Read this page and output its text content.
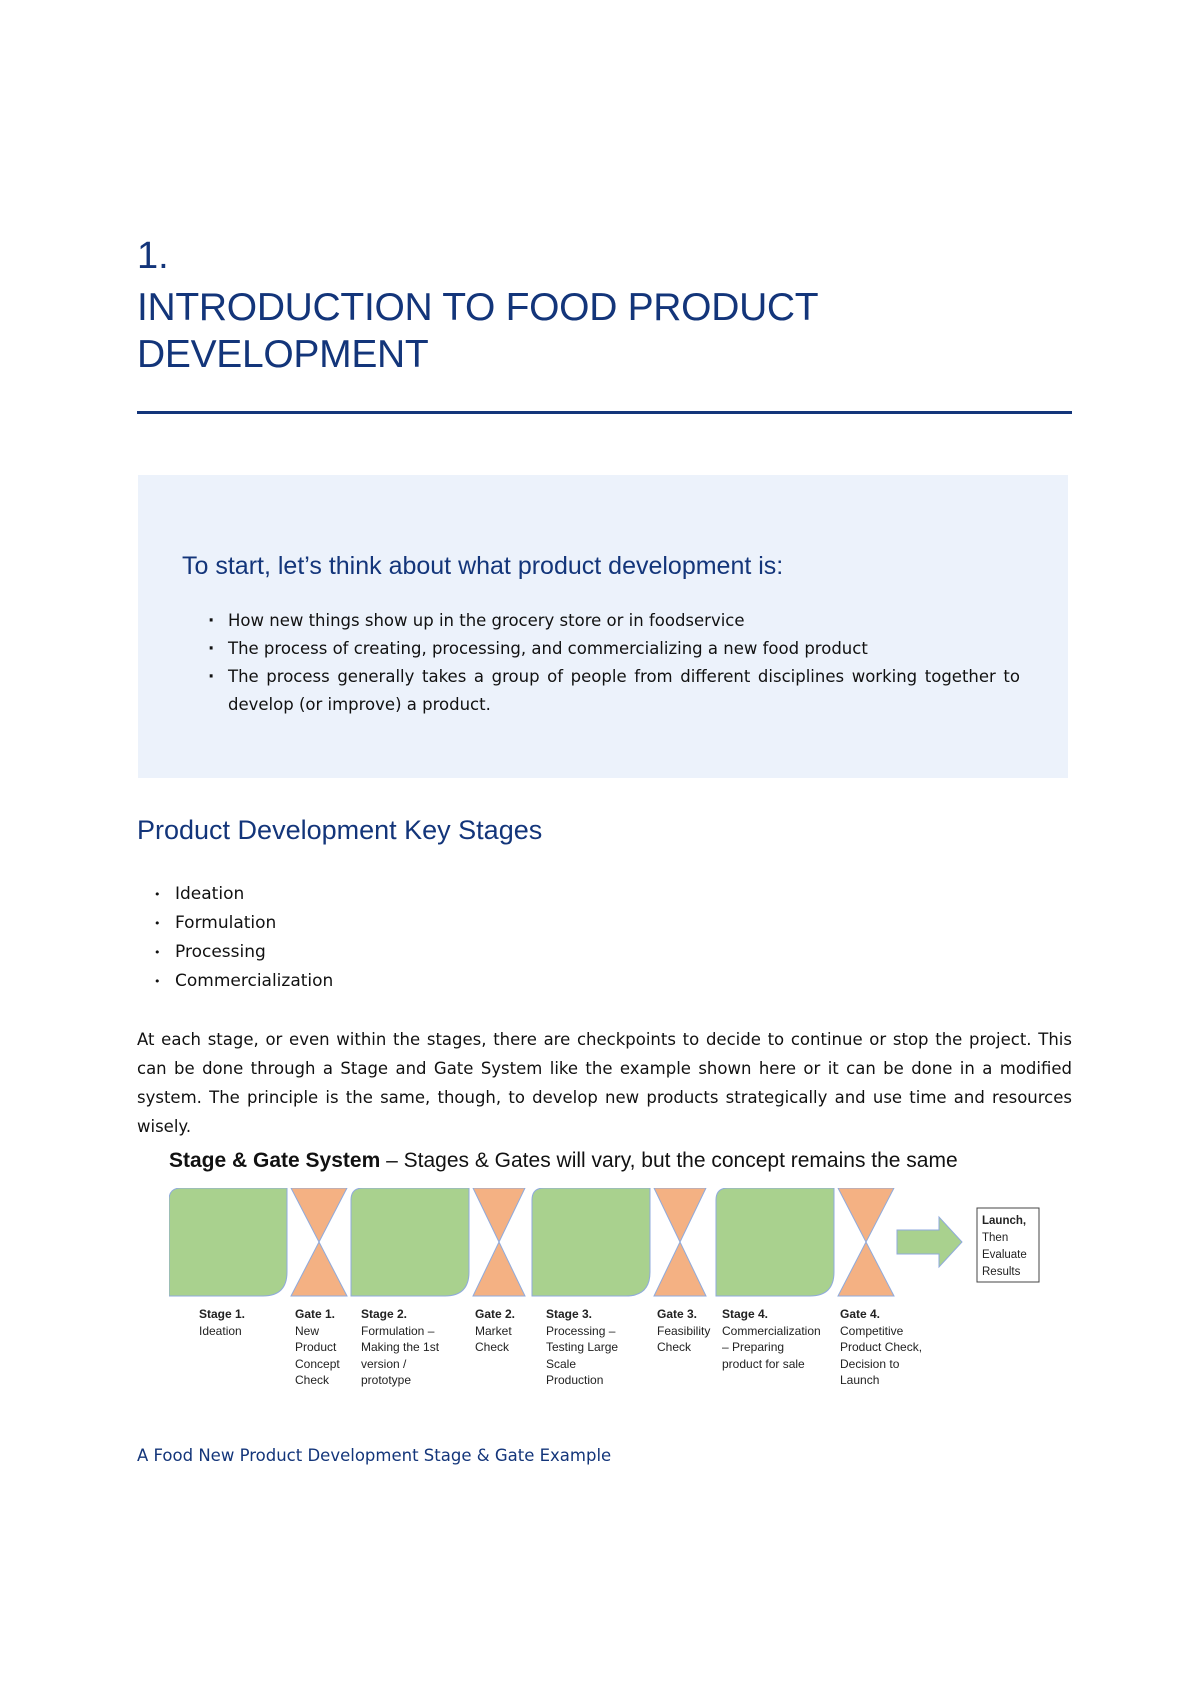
1.
INTRODUCTION TO FOOD PRODUCT DEVELOPMENT
To start, let’s think about what product development is:
· How new things show up in the grocery store or in foodservice
· The process of creating, processing, and commercializing a new food product
· The process generally takes a group of people from different disciplines working together to develop (or improve) a product.
Product Development Key Stages
• Ideation
• Formulation
• Processing
• Commercialization

At each stage, or even within the stages, there are checkpoints to decide to continue or stop the project. This can be done through a Stage and Gate System like the example shown here or it can be done in a modified system. The principle is the same, though, to develop new products strategically and use time and resources wisely.

Stage & Gate System – Stages & Gates will vary, but the concept remains the same
Launch,
Then
Evaluate
Results
Stage 1.
Ideation
Gate 1.
New
Product
Concept
Check
Stage 2.
Formulation –
Making the 1st
version /
prototype
Gate 2.
Market
Check
Stage 3.
Processing –
Testing Large
Scale
Production
Gate 3.
Feasibility
Check
Stage 4.
Commercialization
– Preparing
product for sale
Gate 4.
Competitive
Product Check,
Decision to
Launch

A Food New Product Development Stage & Gate Example
